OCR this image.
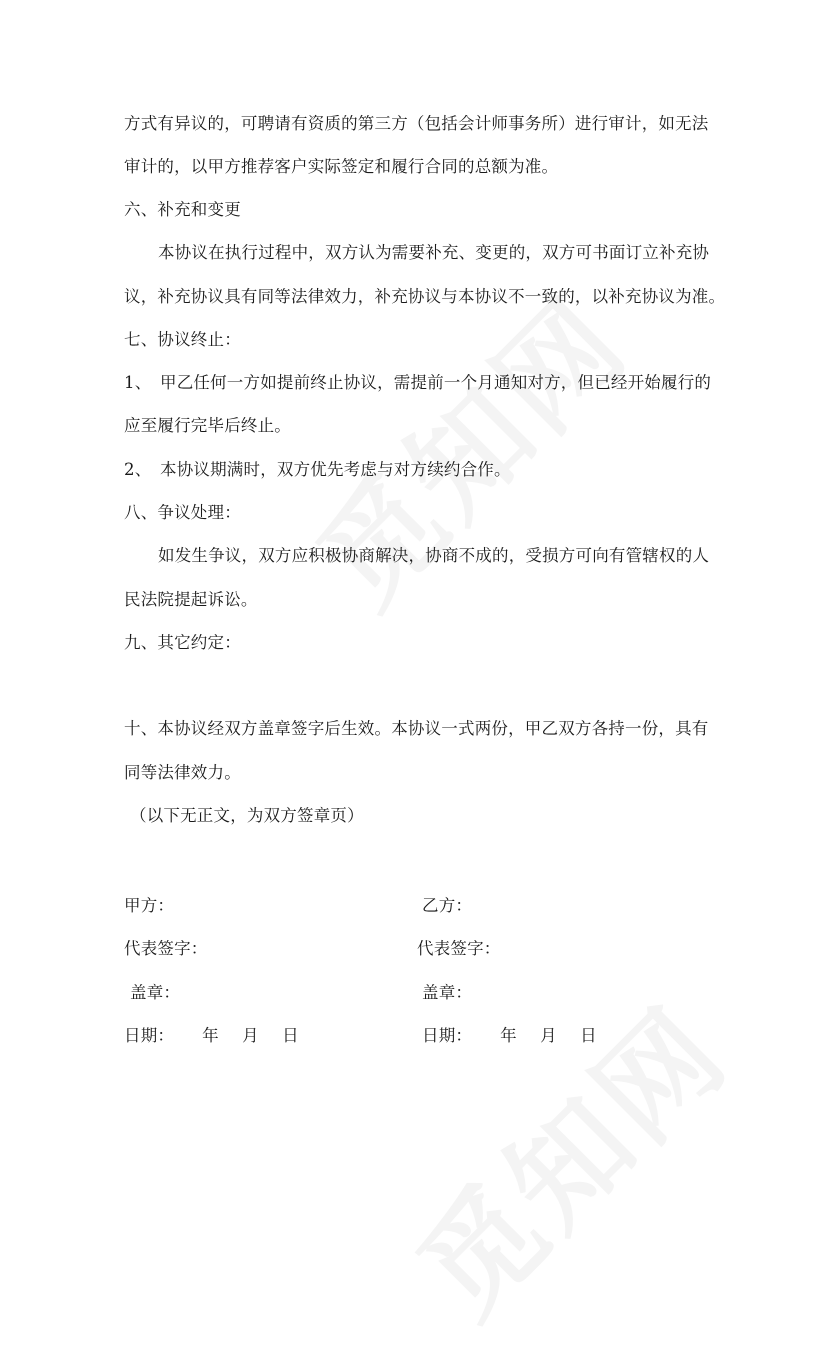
方式有异议的，可聘请有资质的第三方（包括会计师事务所）进行审计，如无法
审计的，以甲方推荐客户实际签定和履行合同的总额为准。
六、补充和变更
本协议在执行过程中，双方认为需要补充、变更的，双方可书面订立补充协
议，补充协议具有同等法律效力，补充协议与本协议不一致的，以补充协议为准。
七、协议终止：
1、 甲乙任何一方如提前终止协议，需提前一个月通知对方，但已经开始履行的
应至履行完毕后终止。
2、 本协议期满时，双方优先考虑与对方续约合作。
八、争议处理：
如发生争议，双方应积极协商解决，协商不成的，受损方可向有管辖权的人
民法院提起诉讼。
九、其它约定：
十、本协议经双方盖章签字后生效。本协议一式两份，甲乙双方各持一份，具有
同等法律效力。
（以下无正文，为双方签章页）
甲方：
代表签字：
盖章：
日期： 年 月 日
乙方：
代表签字：
盖章：
日期： 年 月 日
